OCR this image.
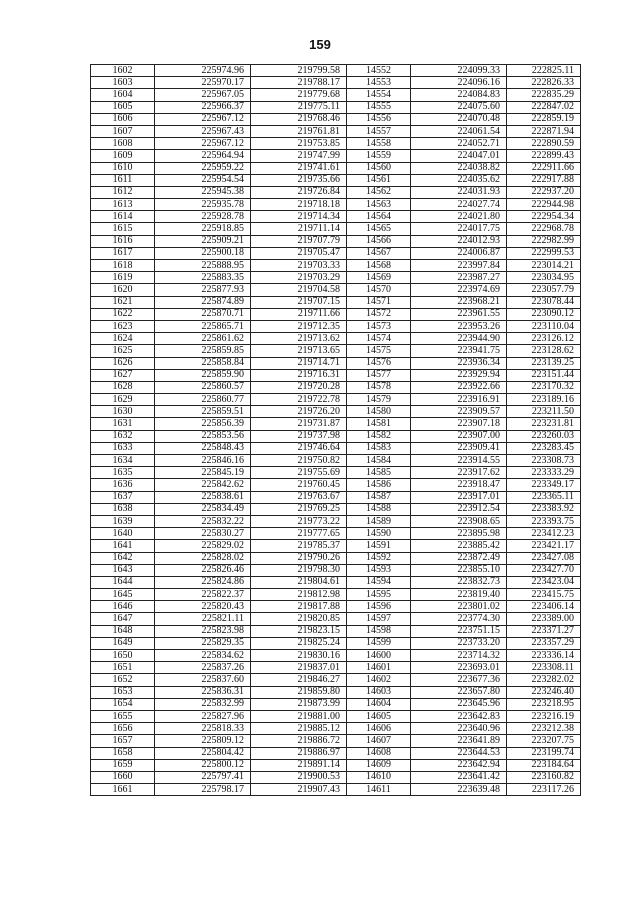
159
1602	225974.96	219799.58	14552	224099.33	222825.11
1603	225970.17	219788.17	14553	224096.16	222826.33
1604	225967.05	219779.68	14554	224084.83	222835.29
1605	225966.37	219775.11	14555	224075.60	222847.02
1606	225967.12	219768.46	14556	224070.48	222859.19
1607	225967.43	219761.81	14557	224061.54	222871.94
1608	225967.12	219753.85	14558	224052.71	222890.59
1609	225964.94	219747.99	14559	224047.01	222899.43
1610	225959.22	219741.61	14560	224038.82	222911.66
1611	225954.54	219735.66	14561	224035.62	222917.88
1612	225945.38	219726.84	14562	224031.93	222937.20
1613	225935.78	219718.18	14563	224027.74	222944.98
1614	225928.78	219714.34	14564	224021.80	222954.34
1615	225918.85	219711.14	14565	224017.75	222968.78
1616	225909.21	219707.79	14566	224012.93	222982.99
1617	225900.18	219705.47	14567	224006.87	222999.53
1618	225888.95	219703.33	14568	223997.84	223014.21
1619	225883.35	219703.29	14569	223987.27	223034.95
1620	225877.93	219704.58	14570	223974.69	223057.79
1621	225874.89	219707.15	14571	223968.21	223078.44
1622	225870.71	219711.66	14572	223961.55	223090.12
1623	225865.71	219712.35	14573	223953.26	223110.04
1624	225861.62	219713.62	14574	223944.90	223126.12
1625	225859.85	219713.65	14575	223941.75	223128.62
1626	225858.84	219714.71	14576	223936.34	223139.25
1627	225859.90	219716.31	14577	223929.94	223151.44
1628	225860.57	219720.28	14578	223922.66	223170.32
1629	225860.77	219722.78	14579	223916.91	223189.16
1630	225859.51	219726.20	14580	223909.57	223211.50
1631	225856.39	219731.87	14581	223907.18	223231.81
1632	225853.56	219737.98	14582	223907.00	223260.03
1633	225848.43	219746.64	14583	223909.41	223283.45
1634	225846.16	219750.82	14584	223914.55	223308.73
1635	225845.19	219755.69	14585	223917.62	223333.29
1636	225842.62	219760.45	14586	223918.47	223349.17
1637	225838.61	219763.67	14587	223917.01	223365.11
1638	225834.49	219769.25	14588	223912.54	223383.92
1639	225832.22	219773.22	14589	223908.65	223393.75
1640	225830.27	219777.65	14590	223895.98	223412.23
1641	225829.02	219785.37	14591	223885.42	223421.17
1642	225828.02	219790.26	14592	223872.49	223427.08
1643	225826.46	219798.30	14593	223855.10	223427.70
1644	225824.86	219804.61	14594	223832.73	223423.04
1645	225822.37	219812.98	14595	223819.40	223415.75
1646	225820.43	219817.88	14596	223801.02	223406.14
1647	225821.11	219820.85	14597	223774.30	223389.00
1648	225823.98	219823.15	14598	223751.15	223371.27
1649	225829.35	219825.24	14599	223733.20	223357.29
1650	225834.62	219830.16	14600	223714.32	223336.14
1651	225837.26	219837.01	14601	223693.01	223308.11
1652	225837.60	219846.27	14602	223677.36	223282.02
1653	225836.31	219859.80	14603	223657.80	223246.40
1654	225832.99	219873.99	14604	223645.96	223218.95
1655	225827.96	219881.00	14605	223642.83	223216.19
1656	225818.33	219885.12	14606	223640.96	223212.38
1657	225809.12	219886.72	14607	223641.89	223207.75
1658	225804.42	219886.97	14608	223644.53	223199.74
1659	225800.12	219891.14	14609	223642.94	223184.64
1660	225797.41	219900.53	14610	223641.42	223160.82
1661	225798.17	219907.43	14611	223639.48	223117.26
